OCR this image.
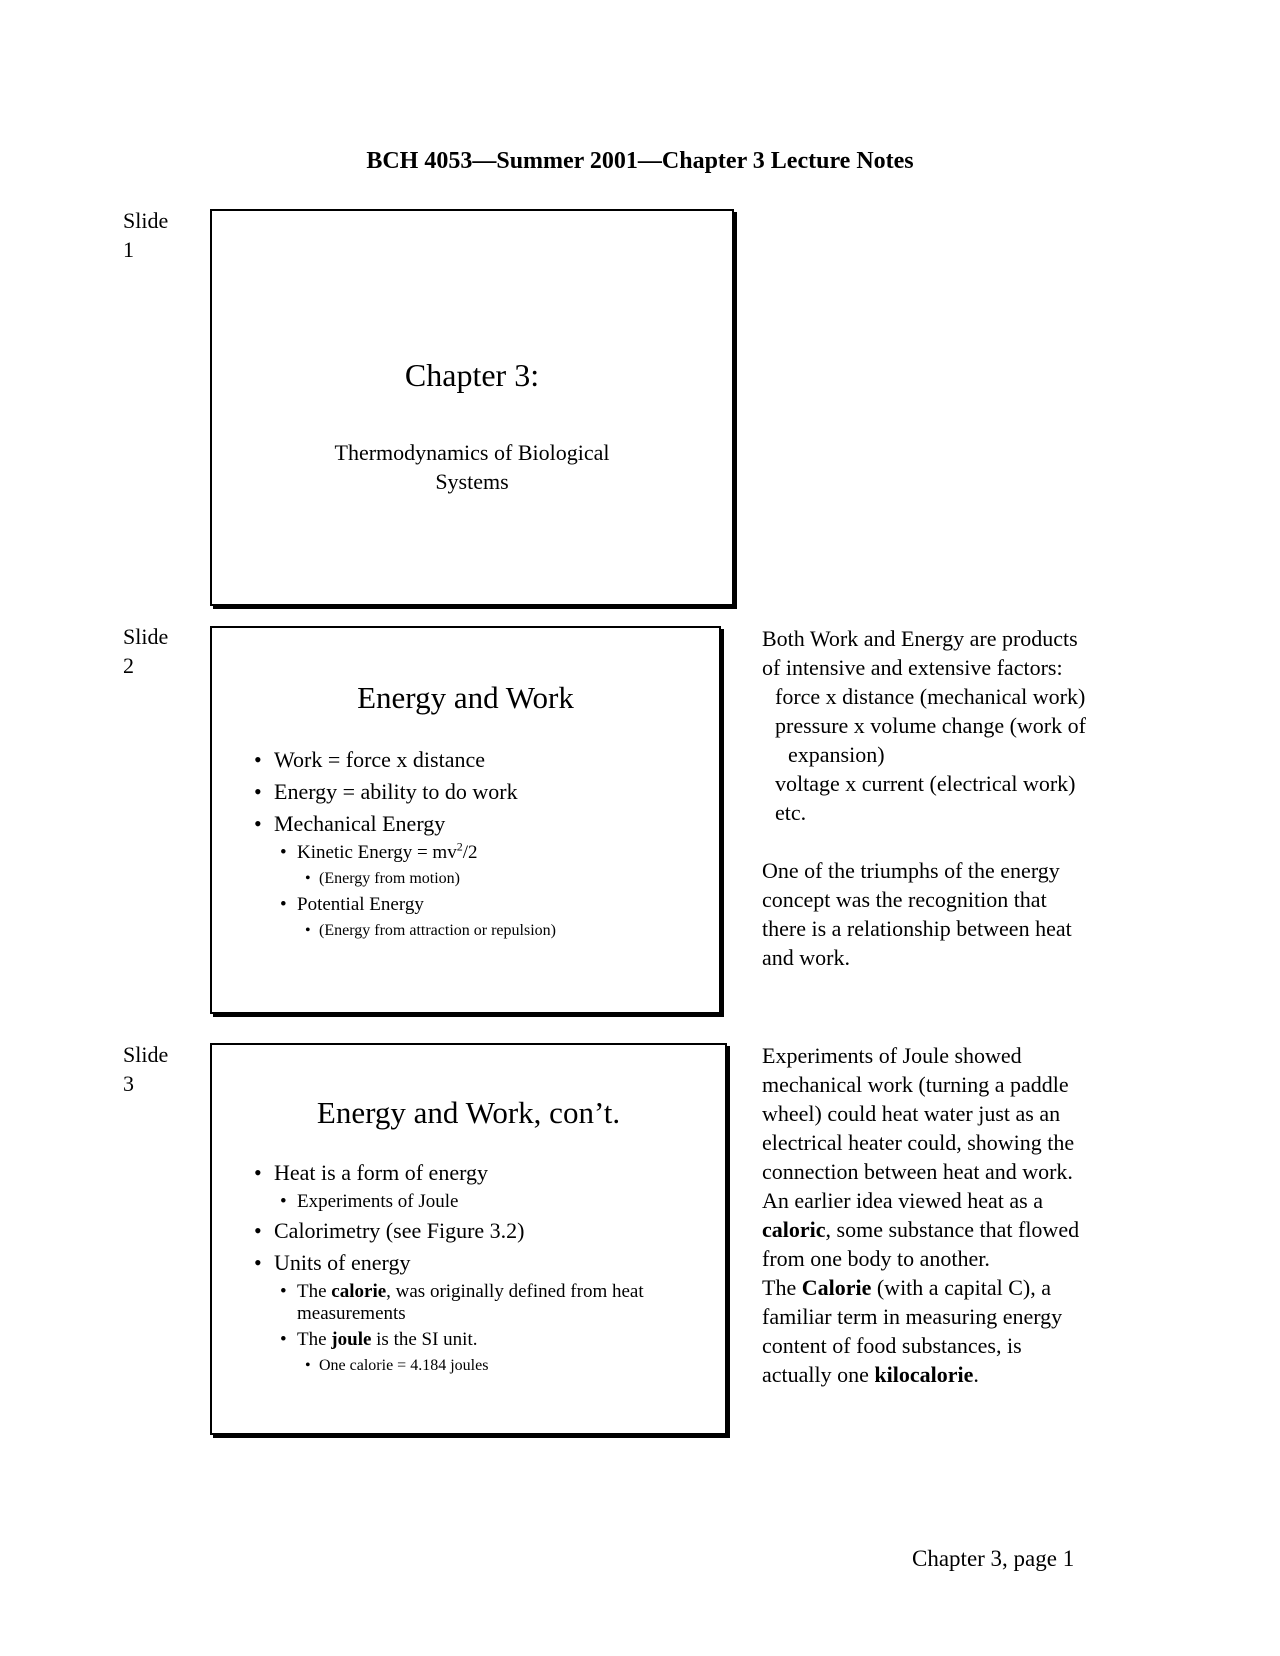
BCH 4053—Summer 2001—Chapter 3 Lecture Notes
Slide
1
Chapter 3:
Thermodynamics of Biological
Systems
Slide
2
Energy and Work
• Work = force x distance
• Energy = ability to do work
• Mechanical Energy
• Kinetic Energy = $mv^2/2$
• (Energy from motion)
• Potential Energy
• (Energy from attraction or repulsion)

Both Work and Energy are products

of intensive and extensive factors:

force x distance (mechanical work)

pressure x volume change (work of

expansion)

voltage x current (electrical work)

etc.

One of the triumphs of the energy

concept was the recognition that

there is a relationship between heat

and work.

Slide
3
Energy and Work, con’t.
• Heat is a form of energy
• Experiments of Joule
• Calorimetry (see Figure 3.2)
• Units of energy
• The calorie, was originally defined from heat
measurements
• The joule is the SI unit.
• One calorie = 4.184 joules

Experiments of Joule showed

mechanical work (turning a paddle

wheel) could heat water just as an

electrical heater could, showing the

connection between heat and work.

An earlier idea viewed heat as a

caloric, some substance that flowed

from one body to another.

The Calorie (with a capital C), a

familiar term in measuring energy

content of food substances, is

actually one kilocalorie.

Chapter 3, page 1
